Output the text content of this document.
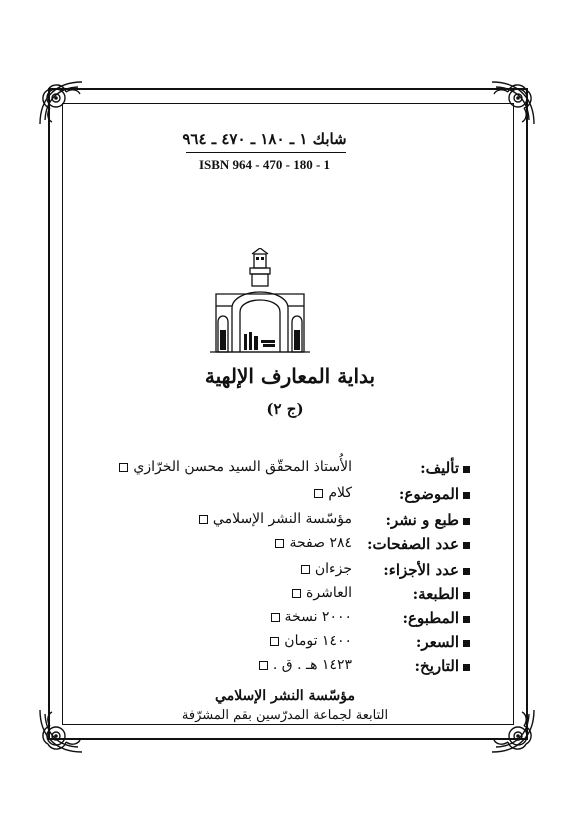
شابك ١ ـ ١٨٠ ـ ٤٧٠ ـ ٩٦٤
ISBN 964 - 470 - 180 - 1
بداية المعارف الإلهية
(ج ٢)
تأليف:
الأُستاذ المحقّق السيد محسن الخرّازي
الموضوع:
كلام
طبع و نشر:
مؤسّسة النشر الإسلامي
عدد الصفحات:
٢٨٤ صفحة
عدد الأجزاء:
جزءان
الطبعة:
العاشرة
المطبوع:
٢٠٠٠ نسخة
السعر:
١٤٠٠ تومان
التاريخ:
١٤٢٣ هـ . ق .
مؤسّسة النشر الإسلامي
التابعة لجماعة المدرّسين بقم المشرّفة
